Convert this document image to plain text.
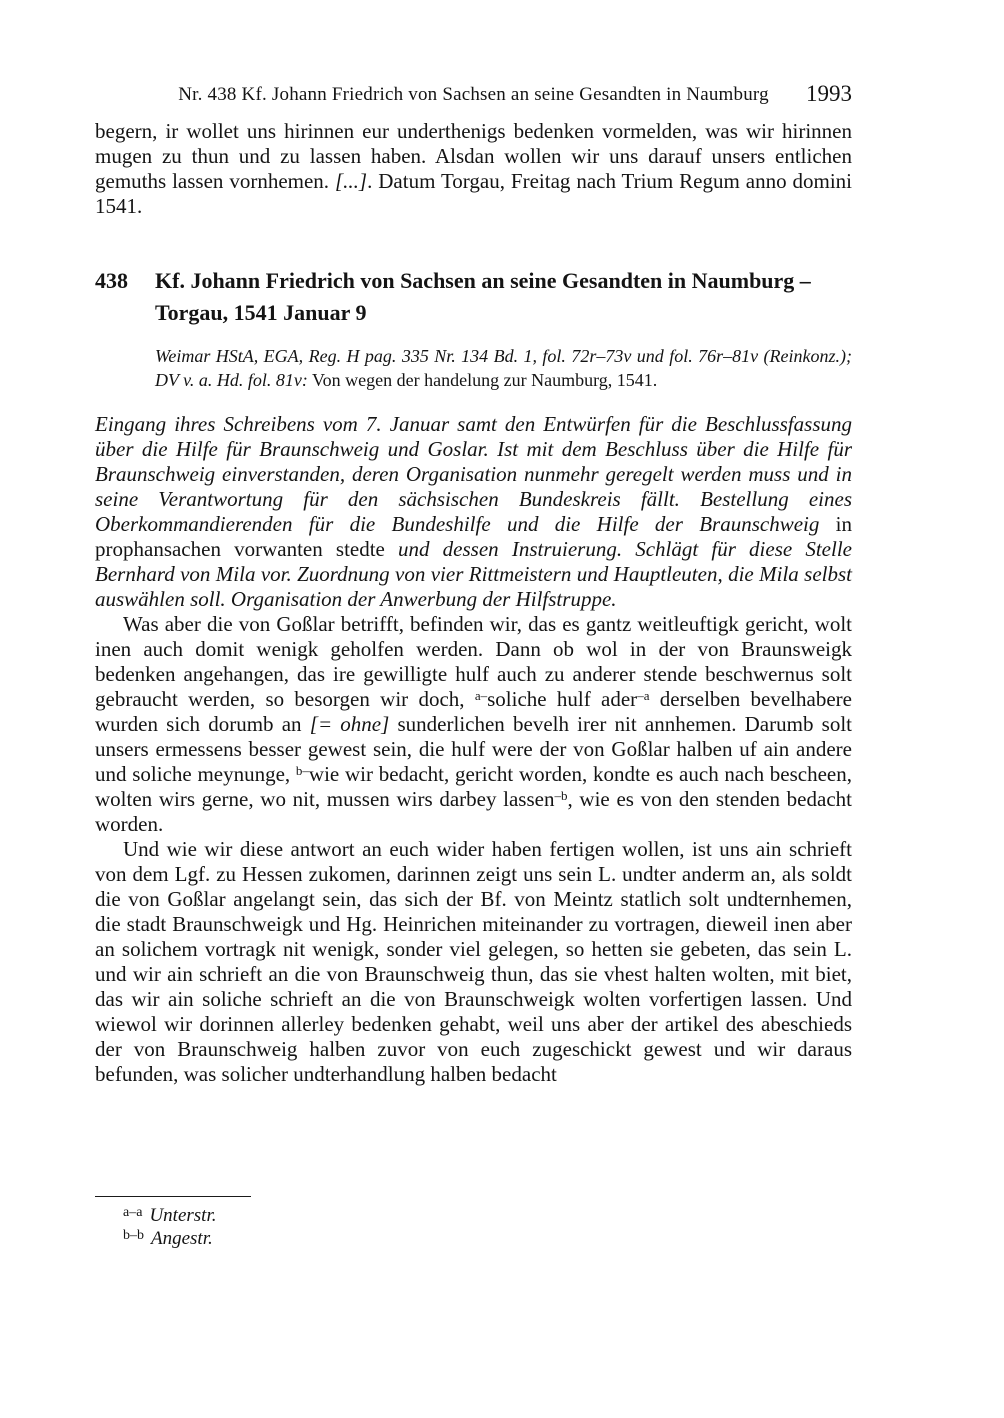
Nr. 438 Kf. Johann Friedrich von Sachsen an seine Gesandten in Naumburg	1993

begern, ir wollet uns hirinnen eur underthenigs bedenken vormelden, was wir hirinnen mugen zu thun und zu lassen haben. Alsdan wollen wir uns darauf unsers entlichen gemuths lassen vornhemen. [...]. Datum Torgau, Freitag nach Trium Regum anno domini 1541.

438 Kf. Johann Friedrich von Sachsen an seine Gesandten in Naumburg – Torgau, 1541 Januar 9

Weimar HStA, EGA, Reg. H pag. 335 Nr. 134 Bd. 1, fol. 72r–73v und fol. 76r–81v (Reinkonz.); DV v. a. Hd. fol. 81v: Von wegen der handelung zur Naumburg, 1541.

Eingang ihres Schreibens vom 7. Januar samt den Entwürfen für die Beschlussfassung über die Hilfe für Braunschweig und Goslar. Ist mit dem Beschluss über die Hilfe für Braunschweig einverstanden, deren Organisation nunmehr geregelt werden muss und in seine Verantwortung für den sächsischen Bundeskreis fällt. Bestellung eines Oberkommandierenden für die Bundeshilfe und die Hilfe der Braunschweig in prophansachen vorwanten stedte und dessen Instruierung. Schlägt für diese Stelle Bernhard von Mila vor. Zuordnung von vier Rittmeistern und Hauptleuten, die Mila selbst auswählen soll. Organisation der Anwerbung der Hilfstruppe.

Was aber die von Goßlar betrifft, befinden wir, das es gantz weitleuftigk gericht, wolt inen auch domit wenigk geholfen werden. Dann ob wol in der von Braunsweigk bedenken angehangen, das ire gewilligte hulf auch zu anderer stende beschwernus solt gebraucht werden, so besorgen wir doch, $^{a-}$soliche hulf ader$^{-a}$ derselben bevelhabere wurden sich dorumb an [= ohne] sunderlichen bevelh irer nit annhemen. Darumb solt unsers ermessens besser gewest sein, die hulf were der von Goßlar halben uf ain andere und soliche meynunge, $^{b-}$wie wir bedacht, gericht worden, kondte es auch nach bescheen, wolten wirs gerne, wo nit, mussen wirs darbey lassen$^{-b}$, wie es von den stenden bedacht worden.

Und wie wir diese antwort an euch wider haben fertigen wollen, ist uns ain schrieft von dem Lgf. zu Hessen zukomen, darinnen zeigt uns sein L. undter anderm an, als soldt die von Goßlar angelangt sein, das sich der Bf. von Meintz statlich solt undternhemen, die stadt Braunschweigk und Hg. Heinrichen miteinander zu vortragen, dieweil inen aber an solichem vortragk nit wenigk, sonder viel gelegen, so hetten sie gebeten, das sein L. und wir ain schrieft an die von Braunschweig thun, das sie vhest halten wolten, mit biet, das wir ain soliche schrieft an die von Braunschweigk wolten vorfertigen lassen. Und wiewol wir dorinnen allerley bedenken gehabt, weil uns aber der artikel des abeschieds der von Braunschweig halben zuvor von euch zugeschickt gewest und wir daraus befunden, was solicher undterhandlung halben bedacht

$^{a-a}$ Unterstr.
$^{b-b}$ Angestr.
